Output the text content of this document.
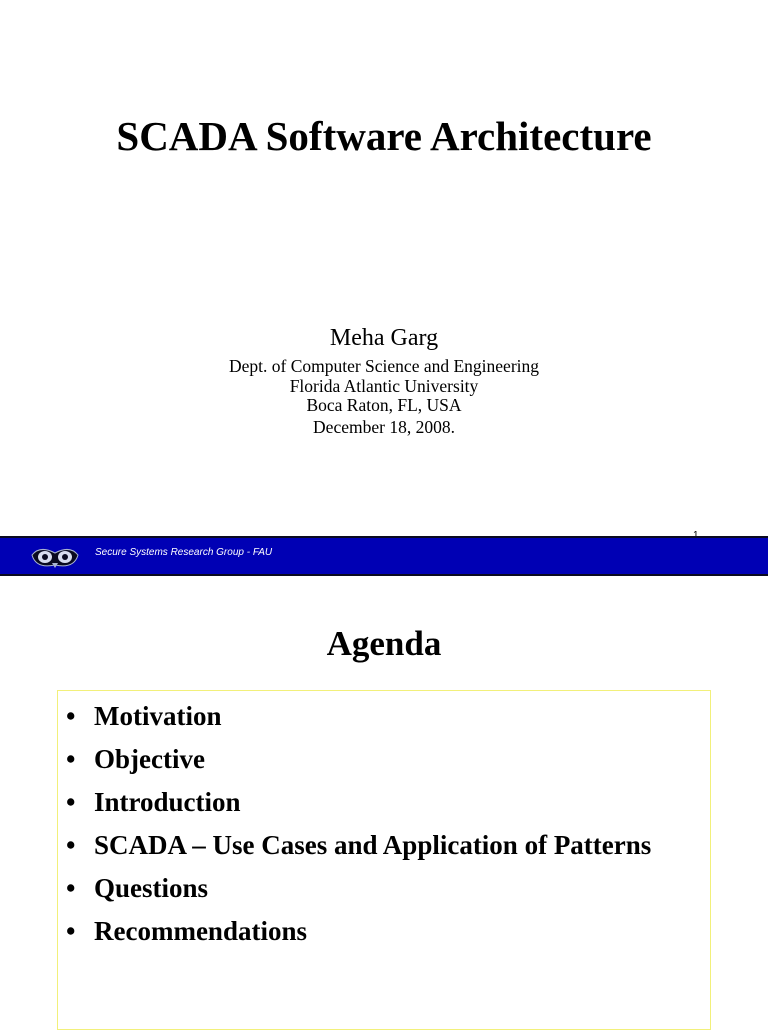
SCADA Software Architecture

Meha Garg

Dept. of Computer Science and Engineering
Florida Atlantic University
Boca Raton, FL, USA
December 18, 2008.
Secure Systems Research Group - FAU
Agenda
• Motivation
• Objective
• Introduction
• SCADA – Use Cases and Application of Patterns
• Questions
• Recommendations
